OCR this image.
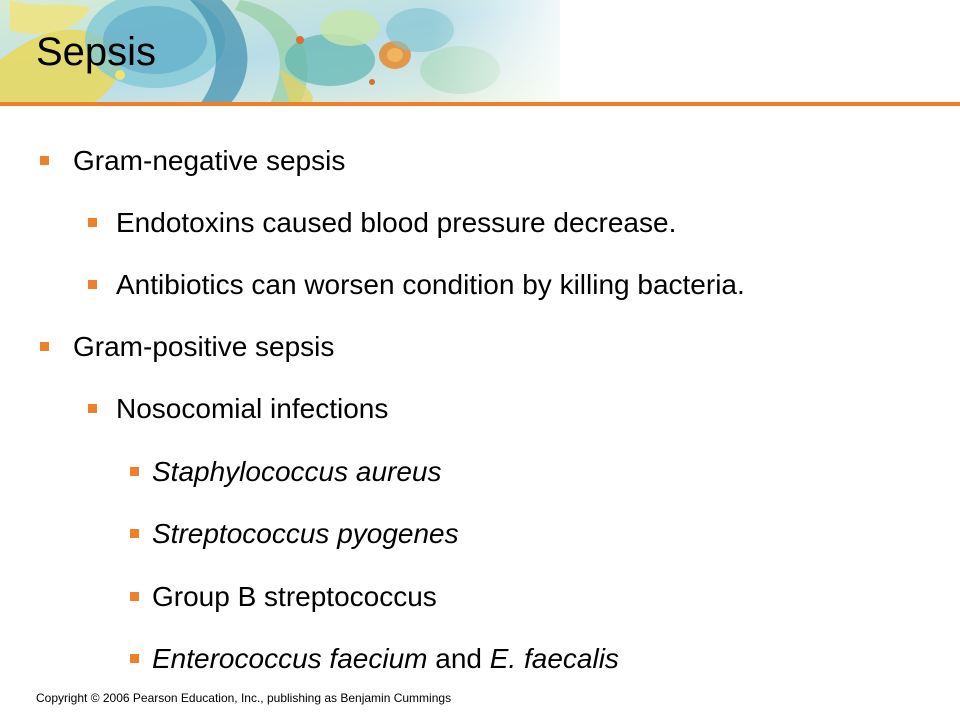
Sepsis
Gram-negative sepsis
Endotoxins caused blood pressure decrease.
Antibiotics can worsen condition by killing bacteria.
Gram-positive sepsis
Nosocomial infections
Staphylococcus aureus
Streptococcus pyogenes
Group B streptococcus
Enterococcus faecium and E. faecalis
Copyright © 2006 Pearson Education, Inc., publishing as Benjamin Cummings
